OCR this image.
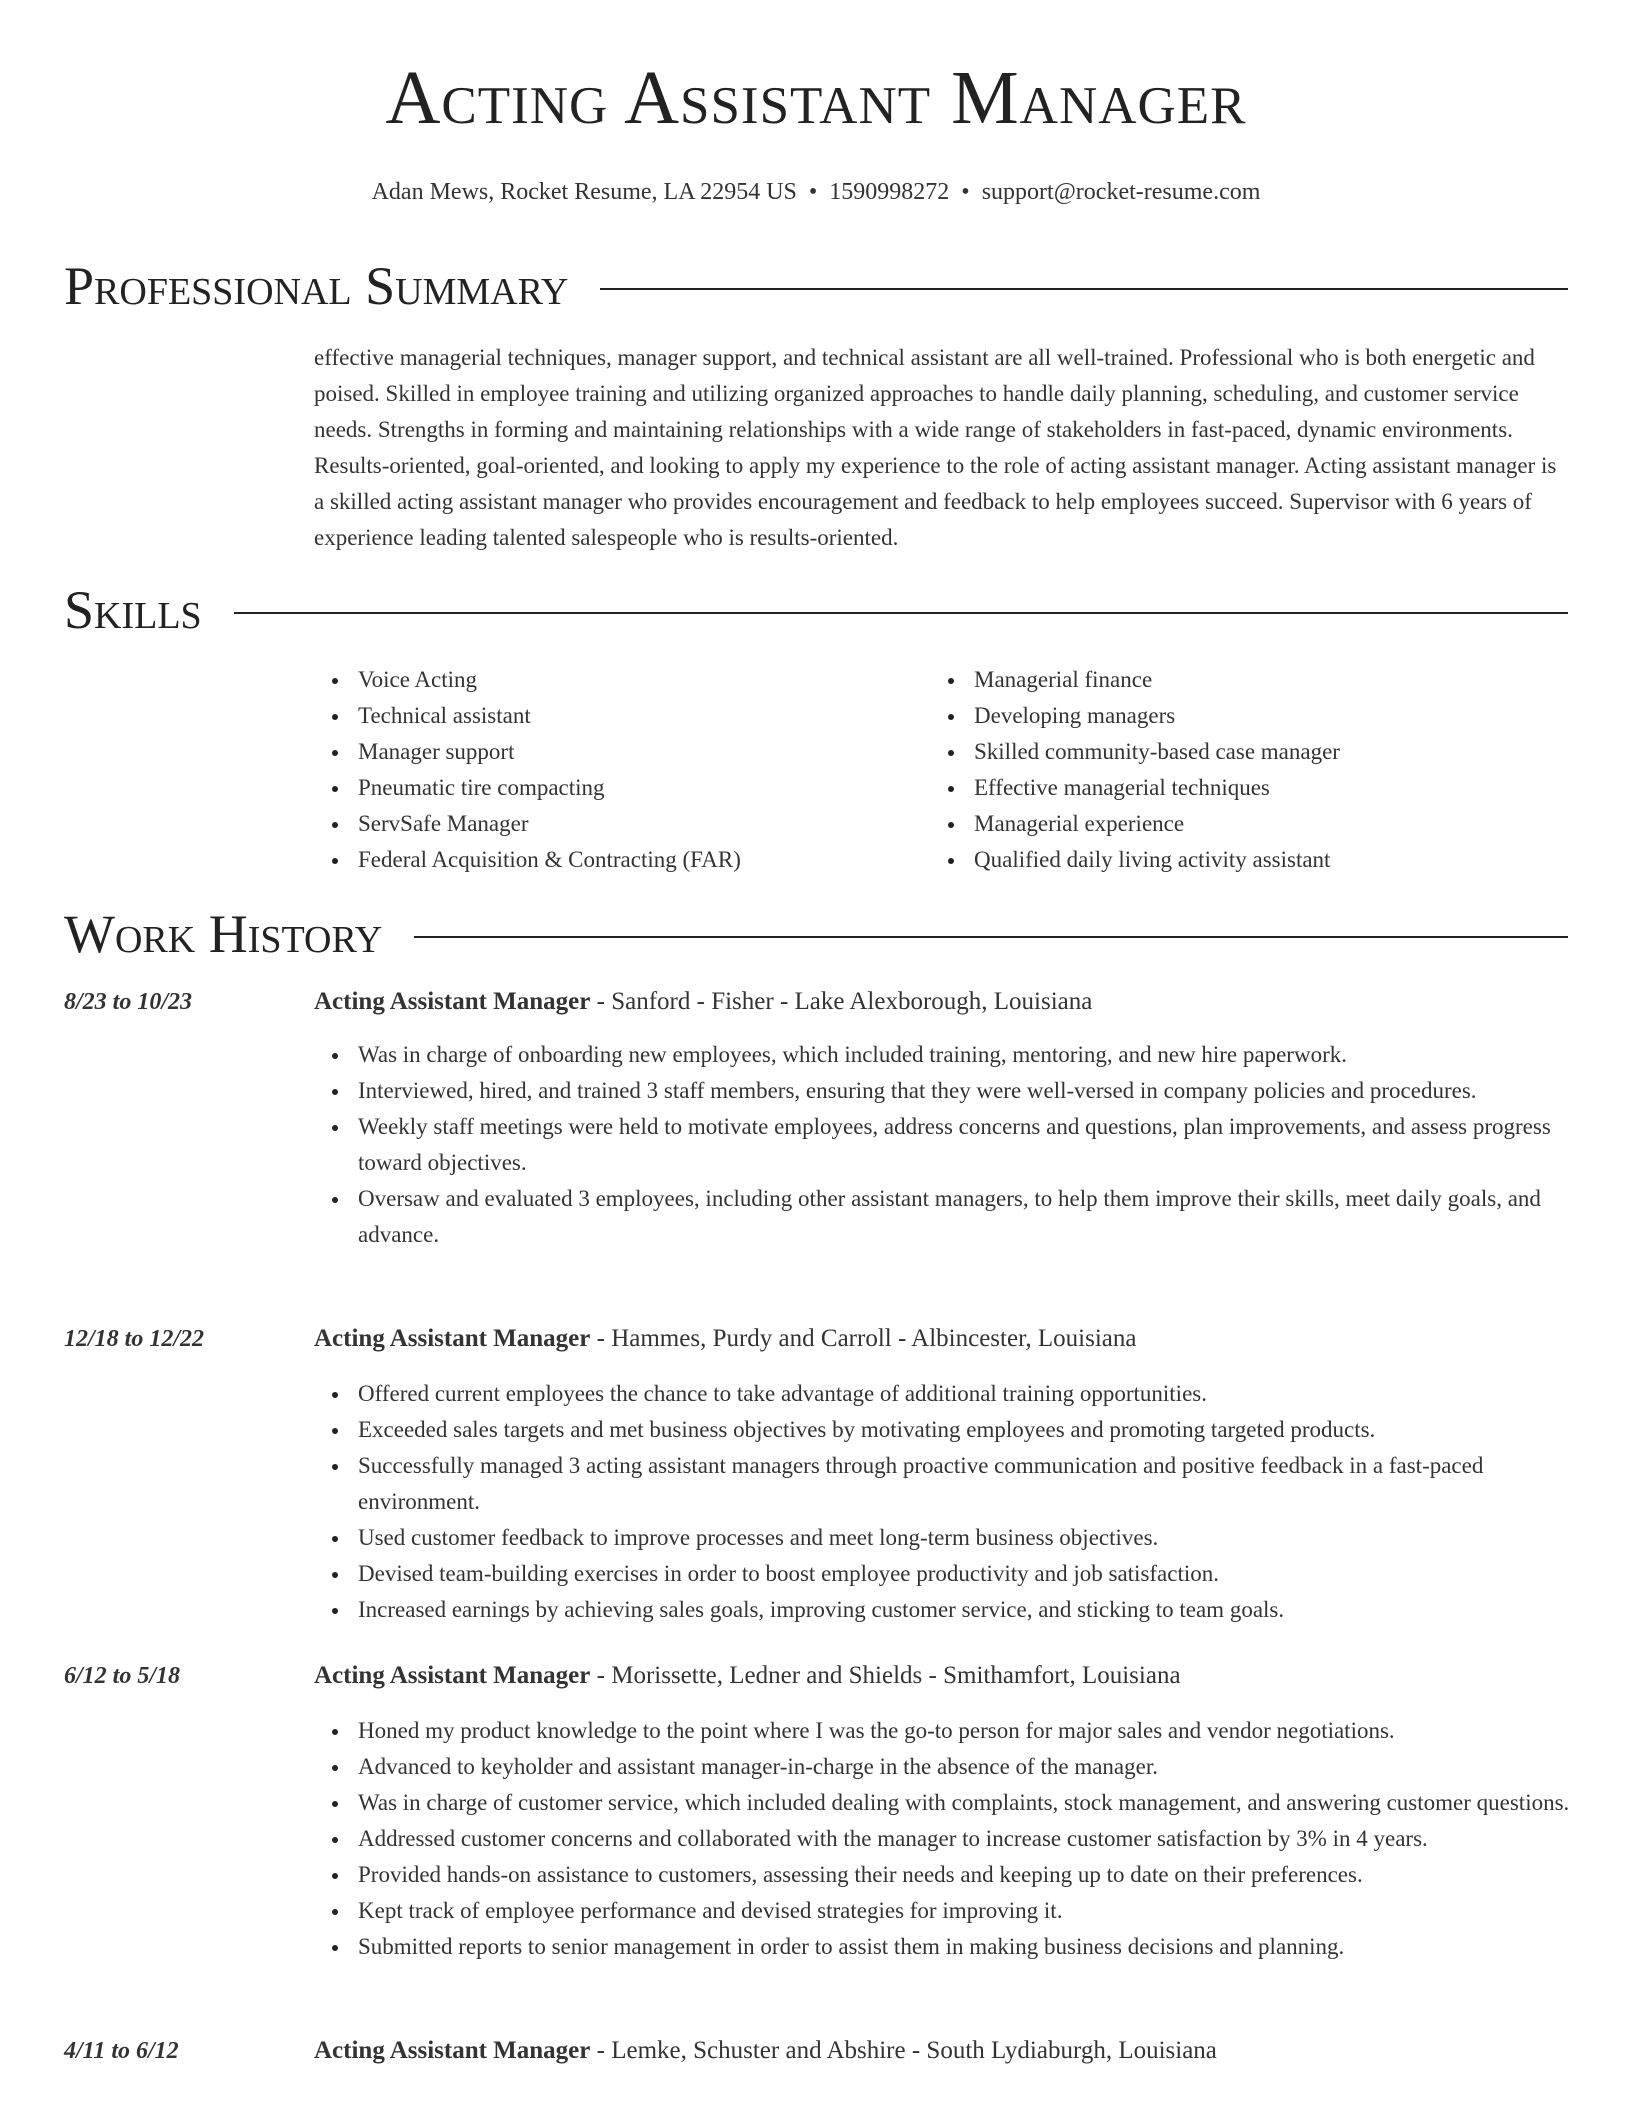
Acting Assistant Manager
Adan Mews, Rocket Resume, LA 22954 US • 1590998272 • support@rocket-resume.com
Professional Summary

effective managerial techniques, manager support, and technical assistant are all well-trained. Professional who is both energetic and poised. Skilled in employee training and utilizing organized approaches to handle daily planning, scheduling, and customer service needs. Strengths in forming and maintaining relationships with a wide range of stakeholders in fast-paced, dynamic environments. Results-oriented, goal-oriented, and looking to apply my experience to the role of acting assistant manager. Acting assistant manager is a skilled acting assistant manager who provides encouragement and feedback to help employees succeed. Supervisor with 6 years of experience leading talented salespeople who is results-oriented.

Skills
Voice Acting
Technical assistant
Manager support
Pneumatic tire compacting
ServSafe Manager
Federal Acquisition & Contracting (FAR)
Managerial finance
Developing managers
Skilled community-based case manager
Effective managerial techniques
Managerial experience
Qualified daily living activity assistant
Work History
8/23 to 10/23	Acting Assistant Manager - Sanford - Fisher - Lake Alexborough, Louisiana
Was in charge of onboarding new employees, which included training, mentoring, and new hire paperwork.
Interviewed, hired, and trained 3 staff members, ensuring that they were well-versed in company policies and procedures.
Weekly staff meetings were held to motivate employees, address concerns and questions, plan improvements, and assess progress toward objectives.
Oversaw and evaluated 3 employees, including other assistant managers, to help them improve their skills, meet daily goals, and advance.
12/18 to 12/22	Acting Assistant Manager - Hammes, Purdy and Carroll - Albincester, Louisiana
Offered current employees the chance to take advantage of additional training opportunities.
Exceeded sales targets and met business objectives by motivating employees and promoting targeted products.
Successfully managed 3 acting assistant managers through proactive communication and positive feedback in a fast-paced environment.
Used customer feedback to improve processes and meet long-term business objectives.
Devised team-building exercises in order to boost employee productivity and job satisfaction.
Increased earnings by achieving sales goals, improving customer service, and sticking to team goals.
6/12 to 5/18	Acting Assistant Manager - Morissette, Ledner and Shields - Smithamfort, Louisiana
Honed my product knowledge to the point where I was the go-to person for major sales and vendor negotiations.
Advanced to keyholder and assistant manager-in-charge in the absence of the manager.
Was in charge of customer service, which included dealing with complaints, stock management, and answering customer questions.
Addressed customer concerns and collaborated with the manager to increase customer satisfaction by 3% in 4 years.
Provided hands-on assistance to customers, assessing their needs and keeping up to date on their preferences.
Kept track of employee performance and devised strategies for improving it.
Submitted reports to senior management in order to assist them in making business decisions and planning.
4/11 to 6/12	Acting Assistant Manager - Lemke, Schuster and Abshire - South Lydiaburgh, Louisiana
